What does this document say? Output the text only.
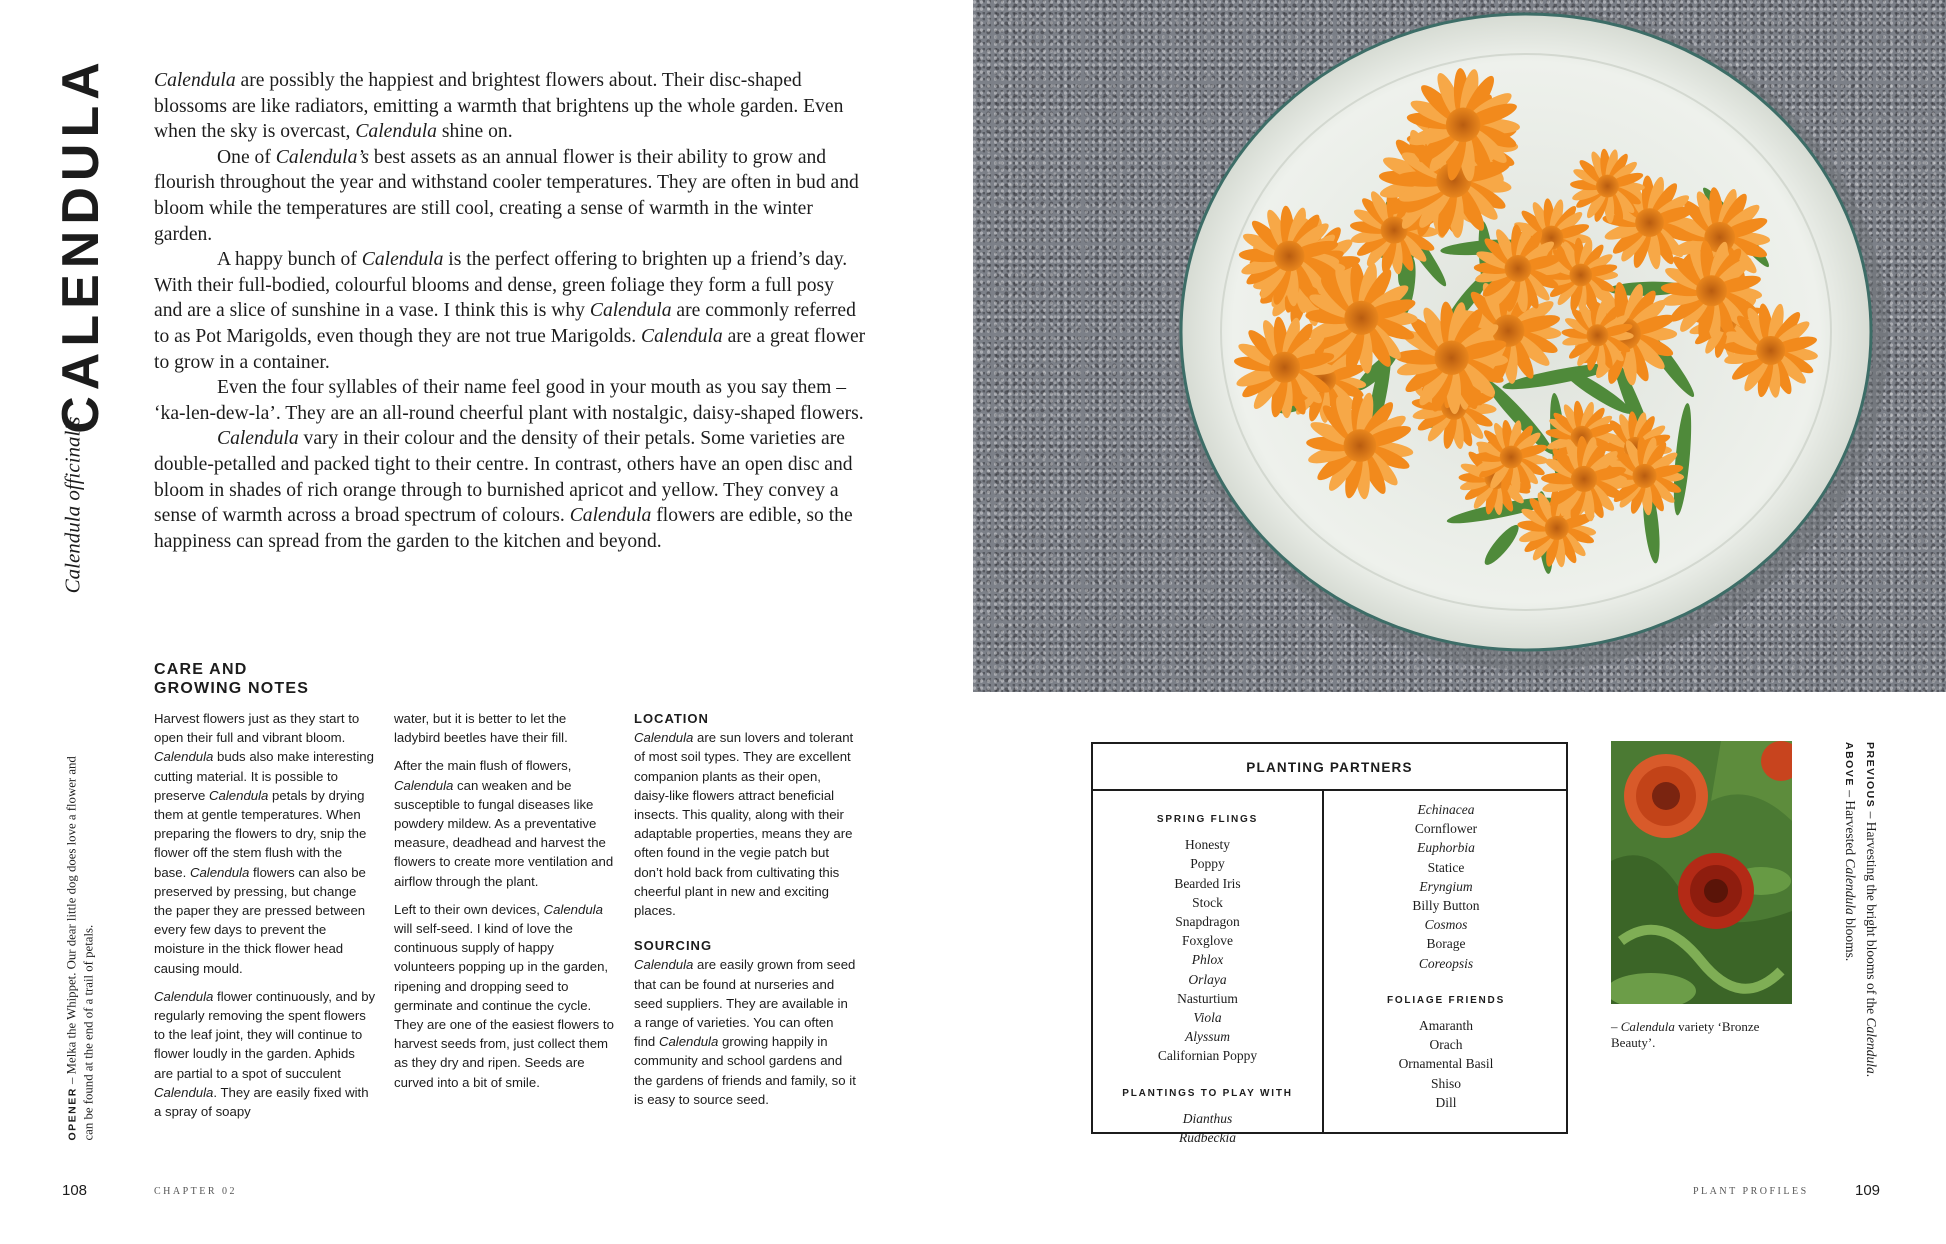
CALENDULA
Calendula officinalis

Calendula are possibly the happiest and brightest flowers about. Their disc-shaped blossoms are like radiators, emitting a warmth that brightens up the whole garden. Even when the sky is overcast, Calendula shine on.

One of Calendula’s best assets as an annual flower is their ability to grow and flourish throughout the year and withstand cooler temperatures. They are often in bud and bloom while the temperatures are still cool, creating a sense of warmth in the winter garden.

A happy bunch of Calendula is the perfect offering to brighten up a friend’s day. With their full-bodied, colourful blooms and dense, green foliage they form a full posy and are a slice of sunshine in a vase. I think this is why Calendula are commonly referred to as Pot Marigolds, even though they are not true Marigolds. Calendula are a great flower to grow in a container.

Even the four syllables of their name feel good in your mouth as you say them – ‘ka-len-dew-la’. They are an all-round cheerful plant with nostalgic, daisy-shaped flowers.

Calendula vary in their colour and the density of their petals. Some varieties are double-petalled and packed tight to their centre. In contrast, others have an open disc and bloom in shades of rich orange through to burnished apricot and yellow. They convey a sense of warmth across a broad spectrum of colours. Calendula flowers are edible, so the happiness can spread from the garden to the kitchen and beyond.

CARE AND
GROWING NOTES

Harvest flowers just as they start to open their full and vibrant bloom. Calendula buds also make interesting cutting material. It is possible to preserve Calendula petals by drying them at gentle temperatures. When preparing the flowers to dry, snip the flower off the stem flush with the base. Calendula flowers can also be preserved by pressing, but change the paper they are pressed between every few days to prevent the moisture in the thick flower head causing mould.

Calendula flower continuously, and by regularly removing the spent flowers to the leaf joint, they will continue to flower loudly in the garden. Aphids are partial to a spot of succulent Calendula. They are easily fixed with a spray of soapy

water, but it is better to let the ladybird beetles have their fill.

After the main flush of flowers, Calendula can weaken and be susceptible to fungal diseases like powdery mildew. As a preventative measure, deadhead and harvest the flowers to create more ventilation and airflow through the plant.

Left to their own devices, Calendula will self-seed. I kind of love the continuous supply of happy volunteers popping up in the garden, ripening and dropping seed to germinate and continue the cycle. They are one of the easiest flowers to harvest seeds from, just collect them as they dry and ripen. Seeds are curved into a bit of smile.

LOCATION

Calendula are sun lovers and tolerant of most soil types. They are excellent companion plants as their open, daisy-like flowers attract beneficial insects. This quality, along with their adaptable properties, means they are often found in the vegie patch but don’t hold back from cultivating this cheerful plant in new and exciting places.

SOURCING

Calendula are easily grown from seed that can be found at nurseries and seed suppliers. They are available in a range of varieties. You can often find Calendula growing happily in community and school gardens and the gardens of friends and family, so it is easy to source seed.

OPENER – Melka the Whippet. Our dear little dog does love a flower and can be found at the end of a trail of petals.
108	CHAPTER 02
PLANTING PARTNERS
SPRING FLINGS
Honesty
Poppy
Bearded Iris
Stock
Snapdragon
Foxglove
Phlox
Orlaya
Nasturtium
Viola
Alyssum
Californian Poppy
PLANTINGS TO PLAY WITH
Dianthus
Rudbeckia
Echinacea
Cornflower
Euphorbia
Statice
Eryngium
Billy Button
Cosmos
Borage
Coreopsis
FOLIAGE FRIENDS
Amaranth
Orach
Ornamental Basil
Shiso
Dill
– Calendula variety ‘Bronze Beauty’.
PREVIOUS – Harvesting the bright blooms of the Calendula.
ABOVE – Harvested Calendula blooms.
PLANT PROFILES	109
